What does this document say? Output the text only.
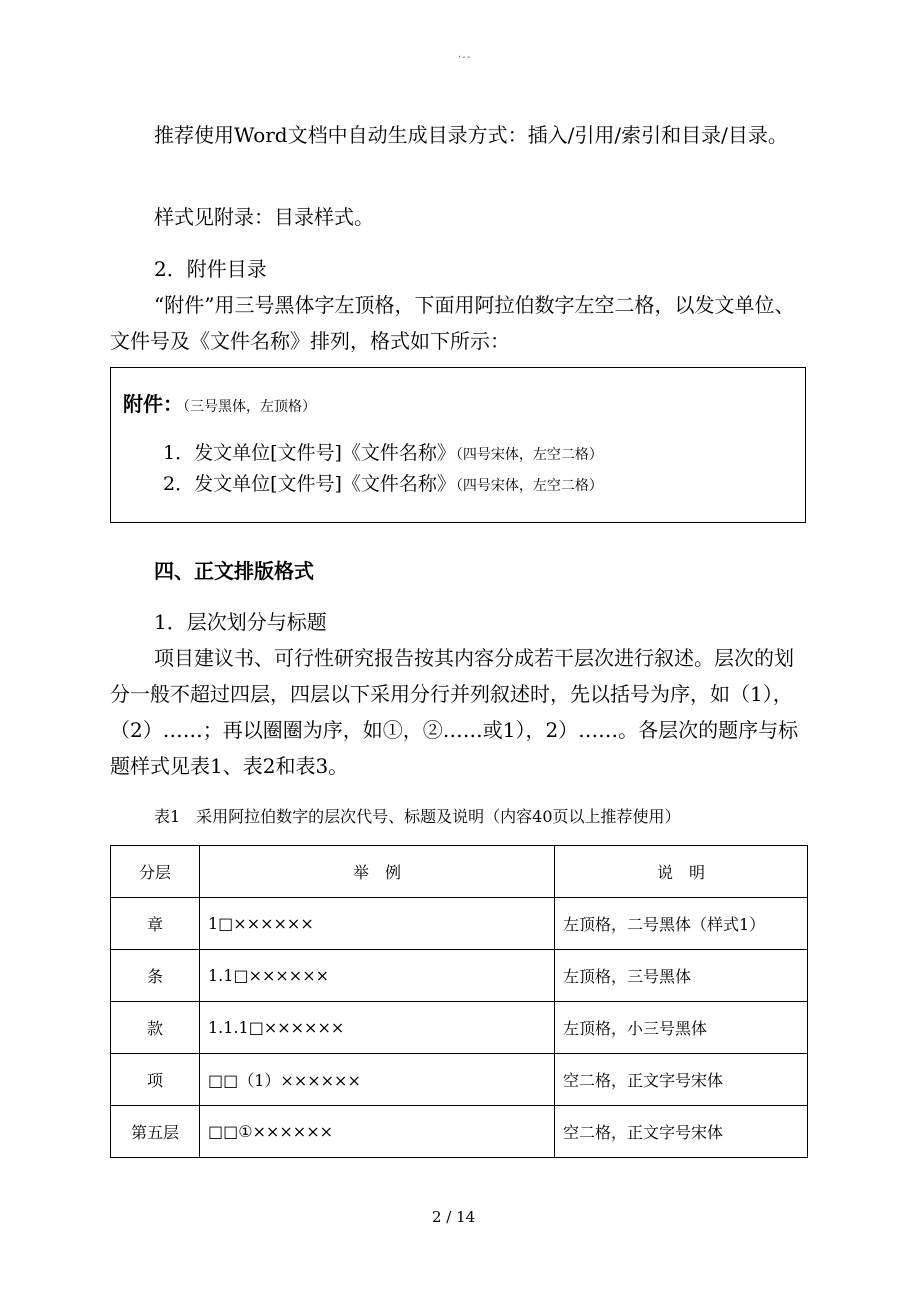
·--

推荐使用Word文档中自动生成目录方式：插入/引用/索引和目录/目录。

样式见附录：目录样式。

2．附件目录

“附件”用三号黑体字左顶格，下面用阿拉伯数字左空二格，以发文单位、文件号及《文件名称》排列，格式如下所示：

附件：（三号黑体，左顶格）
1．发文单位[文件号]《文件名称》（四号宋体，左空二格）
2．发文单位[文件号]《文件名称》（四号宋体，左空二格）

四、正文排版格式

1．层次划分与标题

项目建议书、可行性研究报告按其内容分成若干层次进行叙述。层次的划分一般不超过四层，四层以下采用分行并列叙述时，先以括号为序，如（1），（2）……；再以圈圈为序，如①，②……或1），2）……。各层次的题序与标题样式见表1、表2和表3。

表1　采用阿拉伯数字的层次代号、标题及说明（内容40页以上推荐使用）
分层	举　例	说　明
章	1□××××××	左顶格，二号黑体（样式1）
条	1.1□××××××	左顶格，三号黑体
款	1.1.1□××××××	左顶格，小三号黑体
项	□□（1）××××××	空二格，正文字号宋体
第五层	□□①××××××	空二格，正文字号宋体
2 / 14
